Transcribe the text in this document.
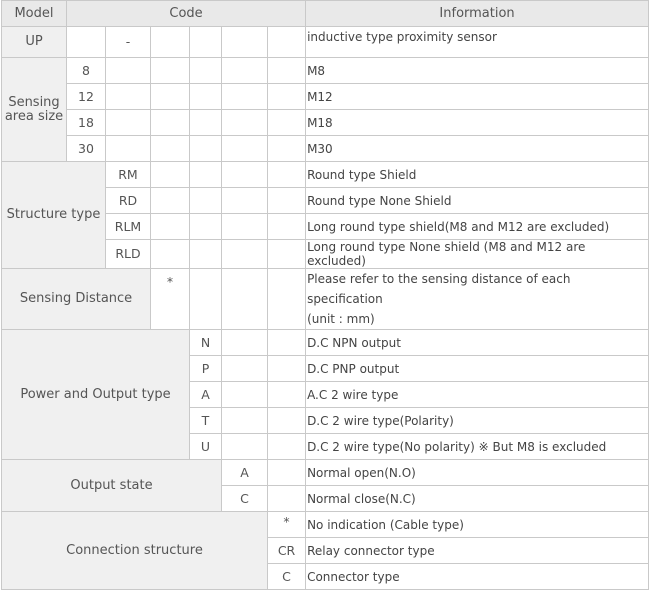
Model	Code						Information
UP		-					inductive type proximity sensor
Sensing
area size	8						M8
	12						M12
	18						M18
	30						M30
Structure type		RM					Round type Shield
		RD					Round type None Shield
		RLM					Long round type shield(M8 and M12 are excluded)
		RLD					Long round type None shield (M8 and M12 are excluded)
Sensing Distance			*				Please refer to the sensing distance of each specification
(unit : mm)
Power and Output type				N			D.C NPN output
				P			D.C PNP output
				A			A.C 2 wire type
				T			D.C 2 wire type(Polarity)
				U			D.C 2 wire type(No polarity) ※ But M8 is excluded
Output state					A		Normal open(N.O)
					C		Normal close(N.C)
Connection structure						*	No indication (Cable type)
						CR	Relay connector type
						C	Connector type
